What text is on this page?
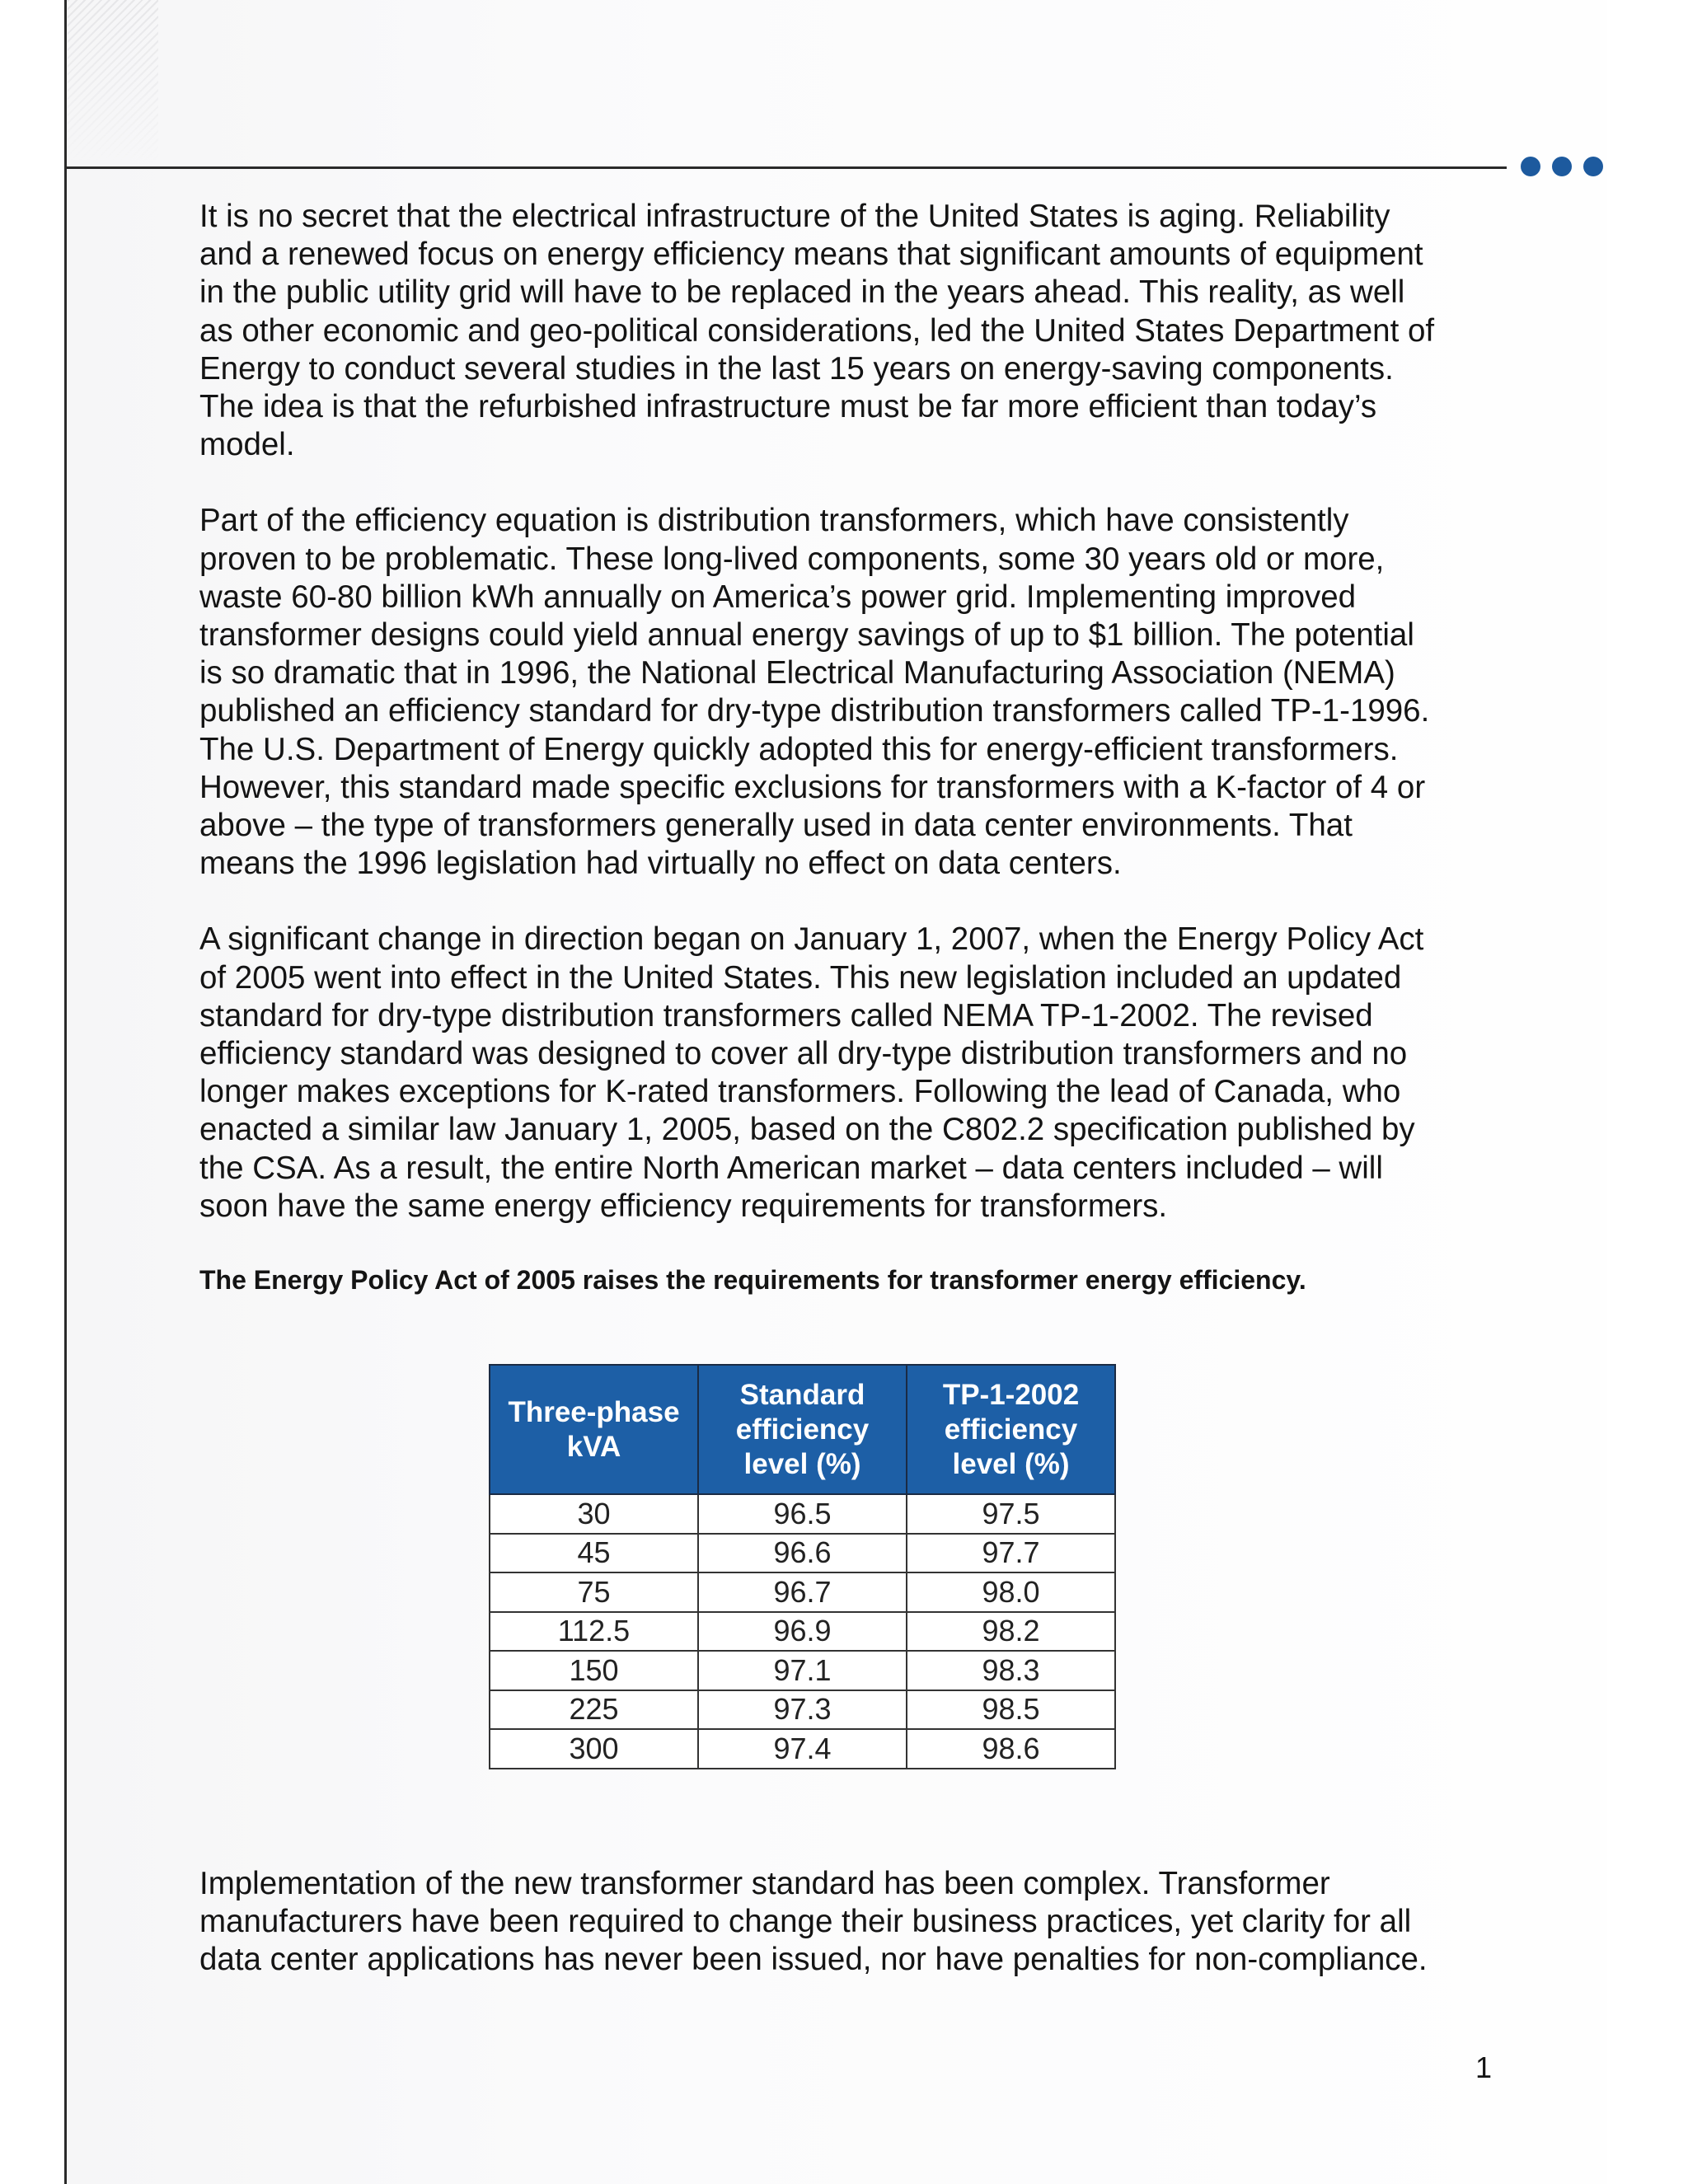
It is no secret that the electrical infrastructure of the United States is aging. Reliability
and a renewed focus on energy efficiency means that significant amounts of equipment
in the public utility grid will have to be replaced in the years ahead. This reality, as well
as other economic and geo-political considerations, led the United States Department of
Energy to conduct several studies in the last 15 years on energy-saving components.
The idea is that the refurbished infrastructure must be far more efficient than today’s
model.

Part of the efficiency equation is distribution transformers, which have consistently
proven to be problematic. These long-lived components, some 30 years old or more,
waste 60-80 billion kWh annually on America’s power grid. Implementing improved
transformer designs could yield annual energy savings of up to $1 billion. The potential
is so dramatic that in 1996, the National Electrical Manufacturing Association (NEMA)
published an efficiency standard for dry-type distribution transformers called TP-1-1996.
The U.S. Department of Energy quickly adopted this for energy-efficient transformers.
However, this standard made specific exclusions for transformers with a K-factor of 4 or
above – the type of transformers generally used in data center environments. That
means the 1996 legislation had virtually no effect on data centers.

A significant change in direction began on January 1, 2007, when the Energy Policy Act
of 2005 went into effect in the United States. This new legislation included an updated
standard for dry-type distribution transformers called NEMA TP-1-2002. The revised
efficiency standard was designed to cover all dry-type distribution transformers and no
longer makes exceptions for K-rated transformers. Following the lead of Canada, who
enacted a similar law January 1, 2005, based on the C802.2 specification published by
the CSA. As a result, the entire North American market – data centers included – will
soon have the same energy efficiency requirements for transformers.

The Energy Policy Act of 2005 raises the requirements for transformer energy efficiency.

Three-phase
kVA	Standard
efficiency
level (%)	TP-1-2002
efficiency
level (%)
30	96.5	97.5
45	96.6	97.7
75	96.7	98.0
112.5	96.9	98.2
150	97.1	98.3
225	97.3	98.5
300	97.4	98.6

Implementation of the new transformer standard has been complex. Transformer
manufacturers have been required to change their business practices, yet clarity for all
data center applications has never been issued, nor have penalties for non-compliance.

1
